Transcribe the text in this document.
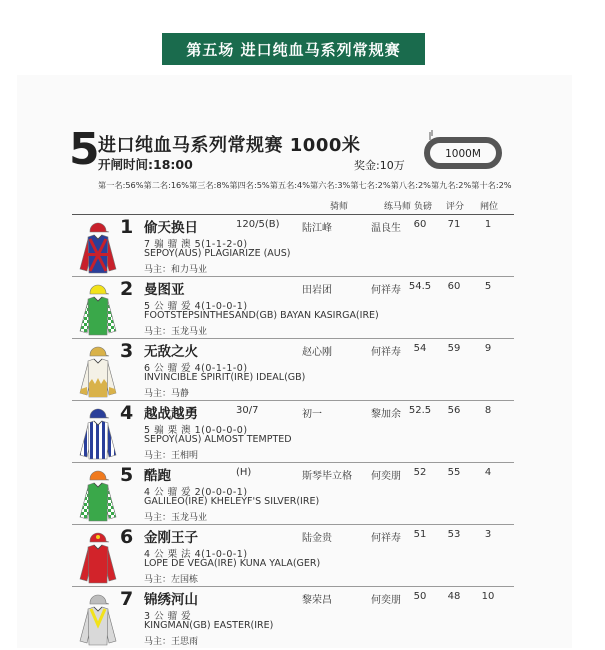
第五场 进口纯血马系列常规赛
5
进口纯血马系列常规赛 1000米
开闸时间:18:00	奖金:10万
1000M
第一名:56% 第二名:16% 第三名:8% 第四名:5% 第五名:4% 第六名:3% 第七名:2% 第八名:2% 第九名:2% 第十名:2%
骑师	练马师 负磅 评分 闸位
1 偷天换日	120/5(B)
7 骟 骝 澳 5(1-1-2-0)
SEPOY(AUS) PLAGIARIZE (AUS)
马主：和力马业
陆江峰	温良生	60	71	1
2 曼图亚
5 公 骝 爱 4(1-0-0-1)
FOOTSTEPSINTHESAND(GB) BAYAN KASIRGA(IRE)
马主：玉龙马业
田岩团	何祥寿 54.5	60	5
3 无敌之火
6 公 骝 爱 4(0-1-1-0)
INVINCIBLE SPIRIT(IRE) IDEAL(GB)
马主：马静
赵心刚	何祥寿	54	59	9
4 越战越勇	30/7
5 骟 栗 澳 1(0-0-0-0)
SEPOY(AUS) ALMOST TEMPTED
马主：王相明
初一	黎加余 52.5	56	8
5 酷跑	(H)
4 公 骝 爱 2(0-0-0-1)
GALILEO(IRE) KHELEYF'S SILVER(IRE)
马主：玉龙马业
斯琴毕立格	何奕朋	52	55	4
6 金刚王子
4 公 栗 法 4(1-0-0-1)
LOPE DE VEGA(IRE) KUNA YALA(GER)
马主：左国栋
陆金贵	何祥寿	51	53	3
7 锦绣河山
3 公 骝 爱
KINGMAN(GB) EASTER(IRE)
马主：王思雨
黎荣昌	何奕朋	50	48	10
